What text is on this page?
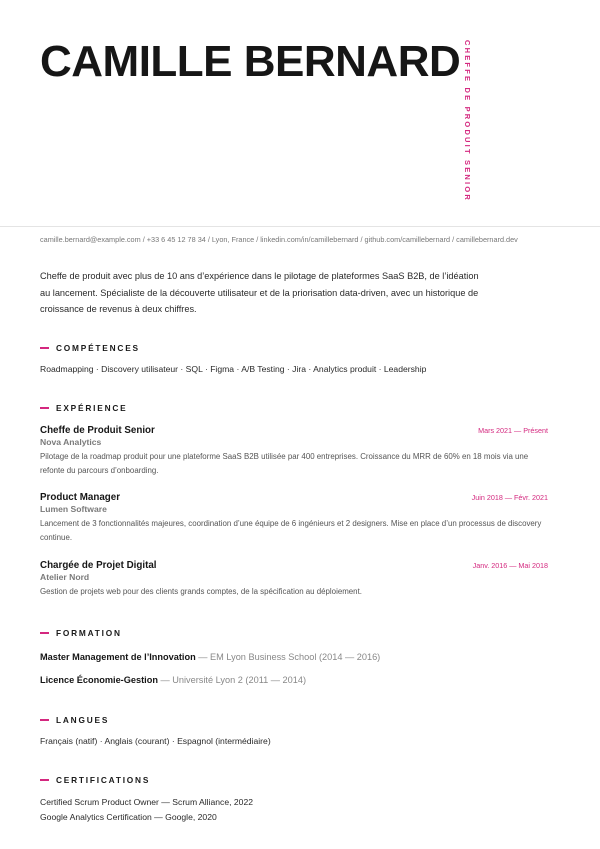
CAMILLE BERNARD CHEFFE DE PRODUIT SENIOR
camille.bernard@example.com / +33 6 45 12 78 34 / Lyon, France / linkedin.com/in/camillebernard / github.com/camillebernard / camillebernard.dev

Cheffe de produit avec plus de 10 ans d’expérience dans le pilotage de plateformes SaaS B2B, de l’idéation au lancement. Spécialiste de la découverte utilisateur et de la priorisation data-driven, avec un historique de croissance de revenus à deux chiffres.

COMPÉTENCES
Roadmapping · Discovery utilisateur · SQL · Figma · A/B Testing · Jira · Analytics produit · Leadership
EXPÉRIENCE
Cheffe de Produit Senior	Mars 2021 — Présent
Nova Analytics
Pilotage de la roadmap produit pour une plateforme SaaS B2B utilisée par 400 entreprises. Croissance du MRR de 60% en 18 mois via une refonte du parcours d’onboarding.
Product Manager	Juin 2018 — Févr. 2021
Lumen Software
Lancement de 3 fonctionnalités majeures, coordination d’une équipe de 6 ingénieurs et 2 designers. Mise en place d’un processus de discovery continue.
Chargée de Projet Digital	Janv. 2016 — Mai 2018
Atelier Nord
Gestion de projets web pour des clients grands comptes, de la spécification au déploiement.
FORMATION
Master Management de l’Innovation — EM Lyon Business School (2014 — 2016)
Licence Économie-Gestion — Université Lyon 2 (2011 — 2014)
LANGUES
Français (natif) · Anglais (courant) · Espagnol (intermédiaire)
CERTIFICATIONS
Certified Scrum Product Owner — Scrum Alliance, 2022
Google Analytics Certification — Google, 2020
